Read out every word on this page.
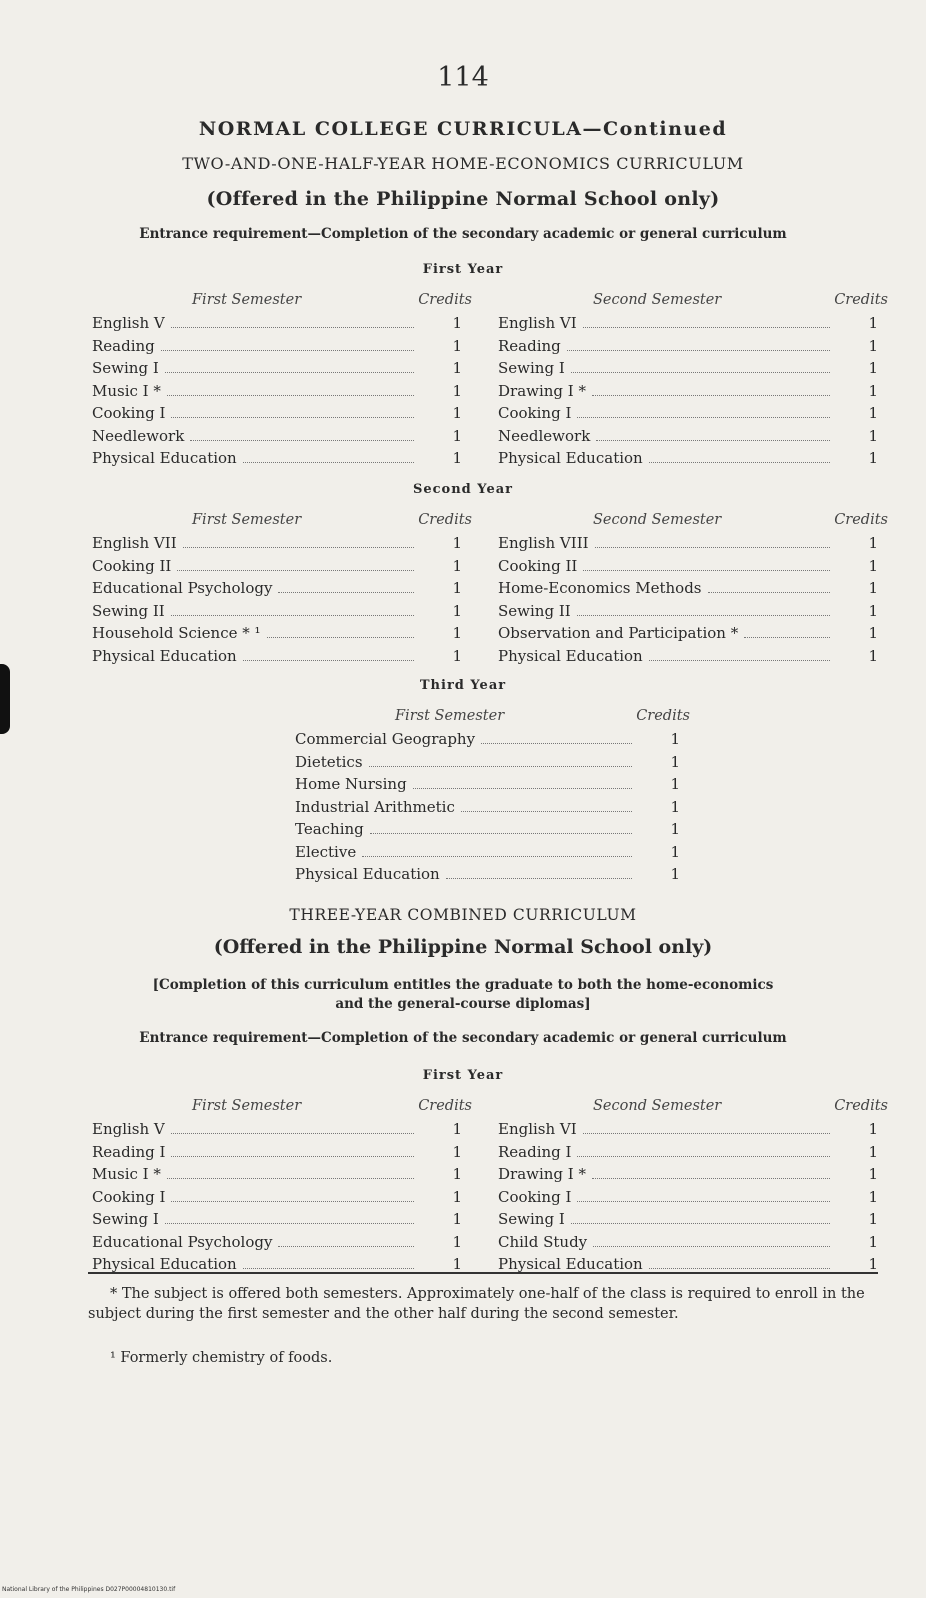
114
NORMAL COLLEGE CURRICULA—Continued
TWO-AND-ONE-HALF-YEAR HOME-ECONOMICS CURRICULUM
(Offered in the Philippine Normal School only)
Entrance requirement—Completion of the secondary academic or general curriculum
First Year
First Semester	Credits
English V	1
Reading	1
Sewing I	1
Music I *	1
Cooking I	1
Needlework	1
Physical Education	1
Second Semester	Credits
English VI	1
Reading	1
Sewing I	1
Drawing I *	1
Cooking I	1
Needlework	1
Physical Education	1
Second Year
First Semester	Credits
English VII	1
Cooking II	1
Educational Psychology	1
Sewing II	1
Household Science * ¹	1
Physical Education	1
Second Semester	Credits
English VIII	1
Cooking II	1
Home-Economics Methods	1
Sewing II	1
Observation and Participation *	1
Physical Education	1
Third Year
First Semester	Credits
Commercial Geography	1
Dietetics	1
Home Nursing	1
Industrial Arithmetic	1
Teaching	1
Elective	1
Physical Education	1
THREE-YEAR COMBINED CURRICULUM
(Offered in the Philippine Normal School only)
[Completion of this curriculum entitles the graduate to both the home-economics
and the general-course diplomas]
Entrance requirement—Completion of the secondary academic or general curriculum
First Year
First Semester	Credits
English V	1
Reading I	1
Music I *	1
Cooking I	1
Sewing I	1
Educational Psychology	1
Physical Education	1
Second Semester	Credits
English VI	1
Reading I	1
Drawing I *	1
Cooking I	1
Sewing I	1
Child Study	1
Physical Education	1
* The subject is offered both semesters. Approximately one-half of the class is required to enroll in the subject during the first semester and the other half during the second semester.
¹ Formerly chemistry of foods.
National Library of the Philippines D027P00004810130.tif
